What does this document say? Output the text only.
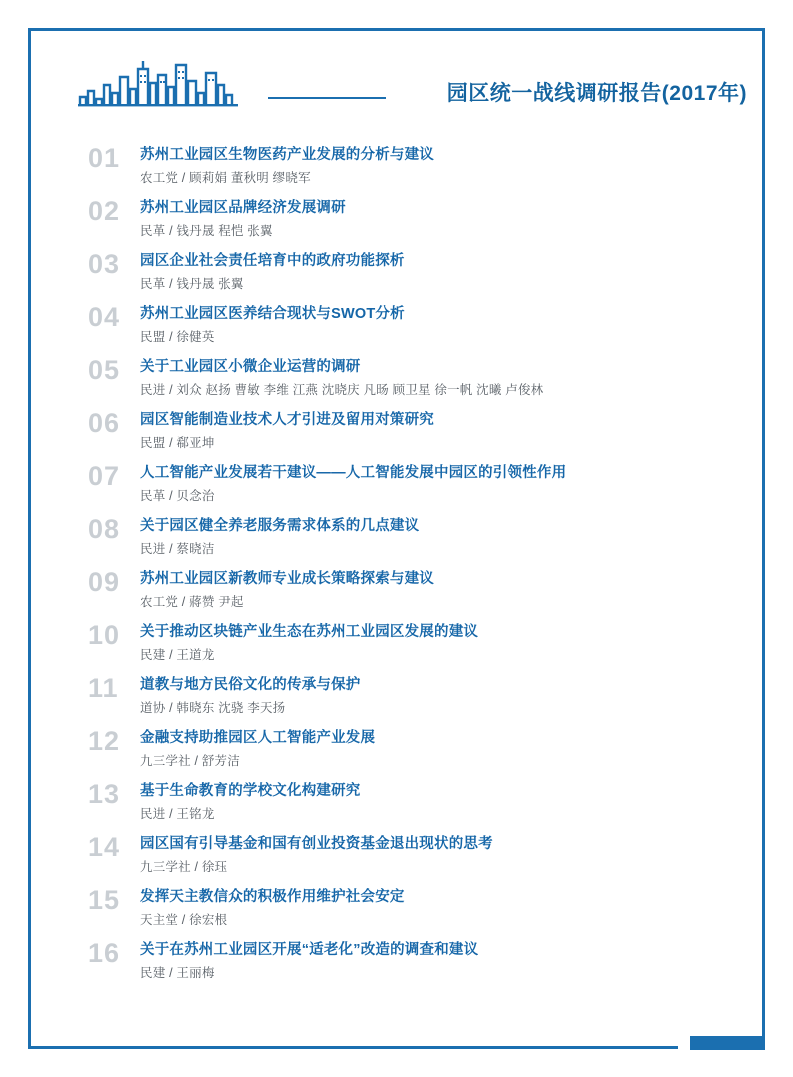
园区统一战线调研报告(2017年)
01	苏州工业园区生物医药产业发展的分析与建议
农工党 / 顾莉娟 董秋明 缪晓军
02	苏州工业园区品牌经济发展调研
民革 / 钱丹晟 程恺 张翼
03	园区企业社会责任培育中的政府功能探析
民革 / 钱丹晟 张翼
04	苏州工业园区医养结合现状与SWOT分析
民盟 / 徐健英
05	关于工业园区小微企业运营的调研
民进 / 刘众 赵扬 曹敏 李维 江燕 沈晓庆 凡旸 顾卫星 徐一帆 沈曦 卢俊林
06	园区智能制造业技术人才引进及留用对策研究
民盟 / 郗亚坤
07	人工智能产业发展若干建议——人工智能发展中园区的引领性作用
民革 / 贝念治
08	关于园区健全养老服务需求体系的几点建议
民进 / 蔡晓洁
09	苏州工业园区新教师专业成长策略探索与建议
农工党 / 蔣赞 尹起
10	关于推动区块链产业生态在苏州工业园区发展的建议
民建 / 王道龙
11	道教与地方民俗文化的传承与保护
道协 / 韩晓东 沈骁 李天扬
12	金融支持助推园区人工智能产业发展
九三学社 / 舒芳洁
13	基于生命教育的学校文化构建研究
民进 / 王铭龙
14	园区国有引导基金和国有创业投资基金退出现状的思考
九三学社 / 徐珏
15	发挥天主教信众的积极作用维护社会安定
天主堂 / 徐宏根
16	关于在苏州工业园区开展“适老化”改造的调查和建议
民建 / 王丽梅
